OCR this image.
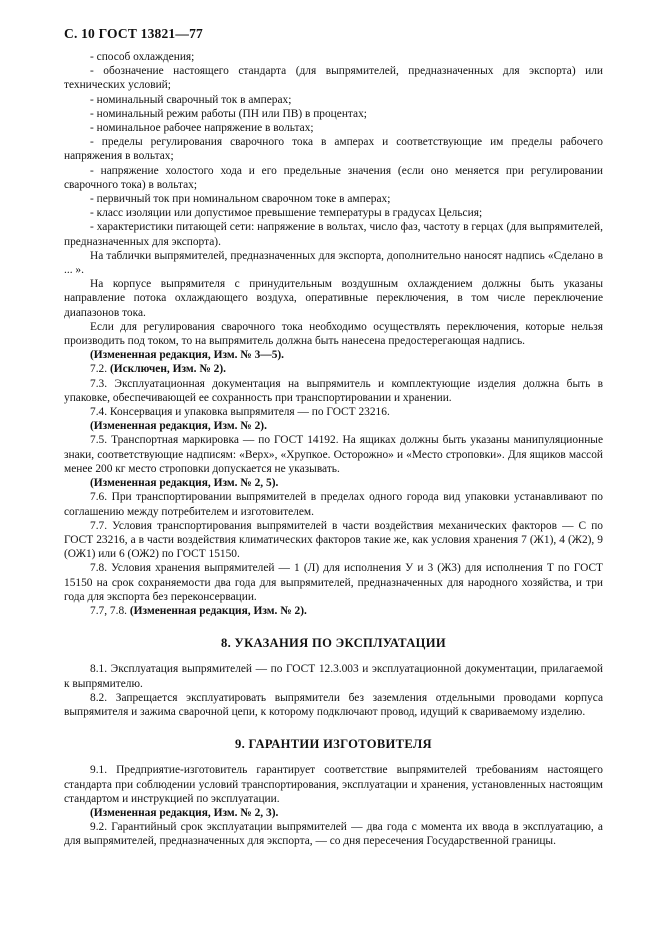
С. 10 ГОСТ 13821—77

- способ охлаждения;

- обозначение настоящего стандарта (для выпрямителей, предназначенных для экспорта) или технических условий;

- номинальный сварочный ток в амперах;

- номинальный режим работы (ПН или ПВ) в процентах;

- номинальное рабочее напряжение в вольтах;

- пределы регулирования сварочного тока в амперах и соответствующие им пределы рабочего напряжения в вольтах;

- напряжение холостого хода и его предельные значения (если оно меняется при регулировании сварочного тока) в вольтах;

- первичный ток при номинальном сварочном токе в амперах;

- класс изоляции или допустимое превышение температуры в градусах Цельсия;

- характеристики питающей сети: напряжение в вольтах, число фаз, частоту в герцах (для выпрямителей, предназначенных для экспорта).

На таблички выпрямителей, предназначенных для экспорта, дополнительно наносят надпись «Сделано в ... ».

На корпусе выпрямителя с принудительным воздушным охлаждением должны быть указаны направление потока охлаждающего воздуха, оперативные переключения, в том числе переключение диапазонов тока.

Если для регулирования сварочного тока необходимо осуществлять переключения, которые нельзя производить под током, то на выпрямитель должна быть нанесена предостерегающая надпись.

(Измененная редакция, Изм. № 3—5).

7.2. (Исключен, Изм. № 2).

7.3. Эксплуатационная документация на выпрямитель и комплектующие изделия должна быть в упаковке, обеспечивающей ее сохранность при транспортировании и хранении.

7.4. Консервация и упаковка выпрямителя — по ГОСТ 23216.

(Измененная редакция, Изм. № 2).

7.5. Транспортная маркировка — по ГОСТ 14192. На ящиках должны быть указаны манипуляционные знаки, соответствующие надписям: «Верх», «Хрупкое. Осторожно» и «Место строповки». Для ящиков массой менее 200 кг место строповки допускается не указывать.

(Измененная редакция, Изм. № 2, 5).

7.6. При транспортировании выпрямителей в пределах одного города вид упаковки устанавливают по соглашению между потребителем и изготовителем.

7.7. Условия транспортирования выпрямителей в части воздействия механических факторов — С по ГОСТ 23216, а в части воздействия климатических факторов такие же, как условия хранения 7 (Ж1), 4 (Ж2), 9 (ОЖ1) или 6 (ОЖ2) по ГОСТ 15150.

7.8. Условия хранения выпрямителей — 1 (Л) для исполнения У и 3 (Ж3) для исполнения Т по ГОСТ 15150 на срок сохраняемости два года для выпрямителей, предназначенных для народного хозяйства, и три года для экспорта без переконсервации.

7.7, 7.8. (Измененная редакция, Изм. № 2).

8. УКАЗАНИЯ ПО ЭКСПЛУАТАЦИИ

8.1. Эксплуатация выпрямителей — по ГОСТ 12.3.003 и эксплуатационной документации, прилагаемой к выпрямителю.

8.2. Запрещается эксплуатировать выпрямители без заземления отдельными проводами корпуса выпрямителя и зажима сварочной цепи, к которому подключают провод, идущий к свариваемому изделию.

9. ГАРАНТИИ ИЗГОТОВИТЕЛЯ

9.1. Предприятие-изготовитель гарантирует соответствие выпрямителей требованиям настоящего стандарта при соблюдении условий транспортирования, эксплуатации и хранения, установленных настоящим стандартом и инструкцией по эксплуатации.

(Измененная редакция, Изм. № 2, 3).

9.2. Гарантийный срок эксплуатации выпрямителей — два года с момента их ввода в эксплуатацию, а для выпрямителей, предназначенных для экспорта, — со дня пересечения Государственной границы.
